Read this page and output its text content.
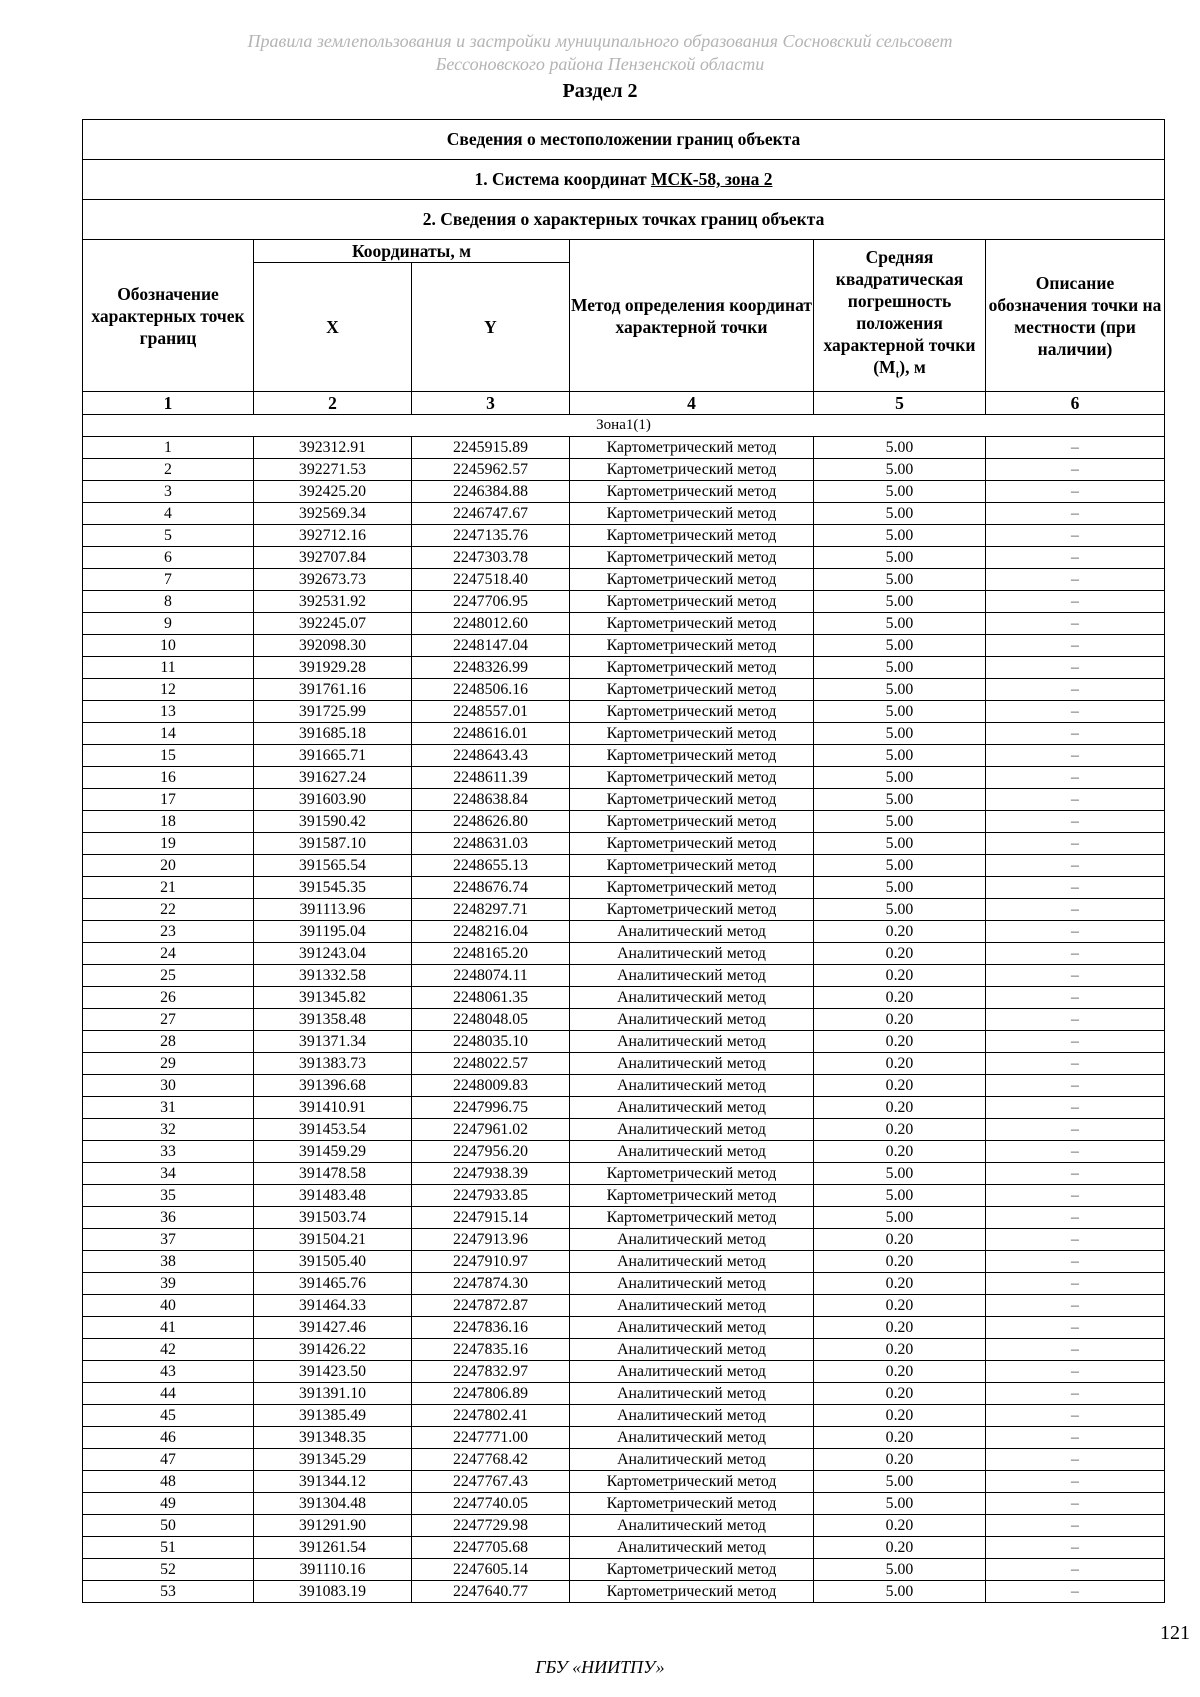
Правила землепользования и застройки муниципального образования Сосновский сельсовет
Бессоновского района Пензенской области
Раздел 2
Сведения о местоположении границ объекта					
1. Система координат МСК-58, зона 2					
2. Сведения о характерных точках границ объекта					
Обозначение характерных точек границ	Координаты, м		Метод определения координат характерной точки	Средняя квадратическая погрешность положения характерной точки $(M_t)$, м	Описание обозначения точки на местности (при наличии)
	X	Y			
1	2	3	4	5	6
Зона1(1)					
1	392312.91	2245915.89	Картометрический метод	5.00	–
2	392271.53	2245962.57	Картометрический метод	5.00	–
3	392425.20	2246384.88	Картометрический метод	5.00	–
4	392569.34	2246747.67	Картометрический метод	5.00	–
5	392712.16	2247135.76	Картометрический метод	5.00	–
6	392707.84	2247303.78	Картометрический метод	5.00	–
7	392673.73	2247518.40	Картометрический метод	5.00	–
8	392531.92	2247706.95	Картометрический метод	5.00	–
9	392245.07	2248012.60	Картометрический метод	5.00	–
10	392098.30	2248147.04	Картометрический метод	5.00	–
11	391929.28	2248326.99	Картометрический метод	5.00	–
12	391761.16	2248506.16	Картометрический метод	5.00	–
13	391725.99	2248557.01	Картометрический метод	5.00	–
14	391685.18	2248616.01	Картометрический метод	5.00	–
15	391665.71	2248643.43	Картометрический метод	5.00	–
16	391627.24	2248611.39	Картометрический метод	5.00	–
17	391603.90	2248638.84	Картометрический метод	5.00	–
18	391590.42	2248626.80	Картометрический метод	5.00	–
19	391587.10	2248631.03	Картометрический метод	5.00	–
20	391565.54	2248655.13	Картометрический метод	5.00	–
21	391545.35	2248676.74	Картометрический метод	5.00	–
22	391113.96	2248297.71	Картометрический метод	5.00	–
23	391195.04	2248216.04	Аналитический метод	0.20	–
24	391243.04	2248165.20	Аналитический метод	0.20	–
25	391332.58	2248074.11	Аналитический метод	0.20	–
26	391345.82	2248061.35	Аналитический метод	0.20	–
27	391358.48	2248048.05	Аналитический метод	0.20	–
28	391371.34	2248035.10	Аналитический метод	0.20	–
29	391383.73	2248022.57	Аналитический метод	0.20	–
30	391396.68	2248009.83	Аналитический метод	0.20	–
31	391410.91	2247996.75	Аналитический метод	0.20	–
32	391453.54	2247961.02	Аналитический метод	0.20	–
33	391459.29	2247956.20	Аналитический метод	0.20	–
34	391478.58	2247938.39	Картометрический метод	5.00	–
35	391483.48	2247933.85	Картометрический метод	5.00	–
36	391503.74	2247915.14	Картометрический метод	5.00	–
37	391504.21	2247913.96	Аналитический метод	0.20	–
38	391505.40	2247910.97	Аналитический метод	0.20	–
39	391465.76	2247874.30	Аналитический метод	0.20	–
40	391464.33	2247872.87	Аналитический метод	0.20	–
41	391427.46	2247836.16	Аналитический метод	0.20	–
42	391426.22	2247835.16	Аналитический метод	0.20	–
43	391423.50	2247832.97	Аналитический метод	0.20	–
44	391391.10	2247806.89	Аналитический метод	0.20	–
45	391385.49	2247802.41	Аналитический метод	0.20	–
46	391348.35	2247771.00	Аналитический метод	0.20	–
47	391345.29	2247768.42	Аналитический метод	0.20	–
48	391344.12	2247767.43	Картометрический метод	5.00	–
49	391304.48	2247740.05	Картометрический метод	5.00	–
50	391291.90	2247729.98	Аналитический метод	0.20	–
51	391261.54	2247705.68	Аналитический метод	0.20	–
52	391110.16	2247605.14	Картометрический метод	5.00	–
53	391083.19	2247640.77	Картометрический метод	5.00	–
121
ГБУ «НИИТПУ»
